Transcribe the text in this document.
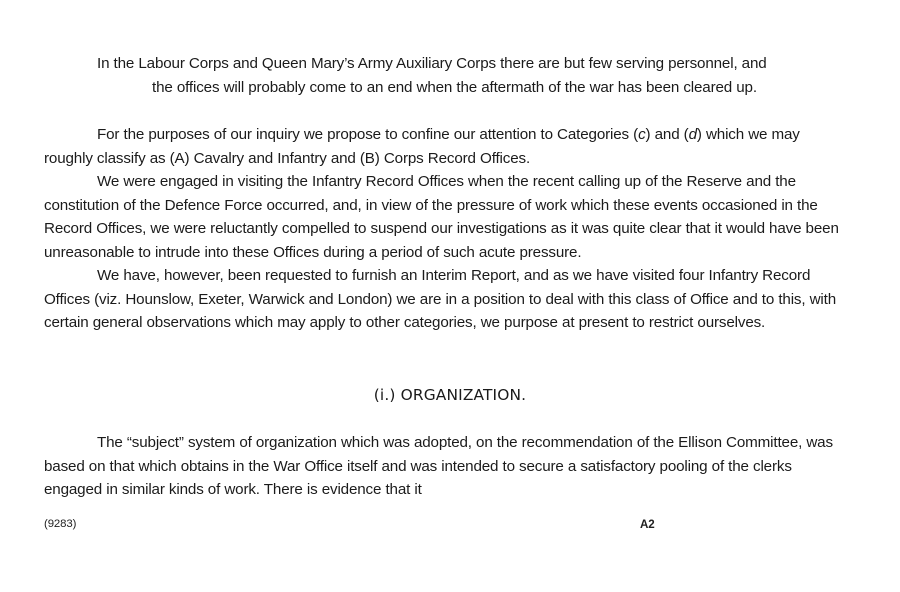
In the Labour Corps and Queen Mary’s Army Auxiliary Corps there are but few serving personnel, and
the offices will probably come to an end when the aftermath of the war has been cleared up.

For the purposes of our inquiry we propose to confine our attention to Categories (c) and (d) which we may roughly classify as (A) Cavalry and Infantry and (B) Corps Record Offices.

We were engaged in visiting the Infantry Record Offices when the recent calling up of the Reserve and the constitution of the Defence Force occurred, and, in view of the pressure of work which these events occasioned in the Record Offices, we were reluctantly compelled to suspend our investigations as it was quite clear that it would have been unreasonable to intrude into these Offices during a period of such acute pressure.

We have, however, been requested to furnish an Interim Report, and as we have visited four Infantry Record Offices (viz. Hounslow, Exeter, Warwick and London) we are in a position to deal with this class of Office and to this, with certain general observations which may apply to other categories, we purpose at present to restrict ourselves.

(i.) ORGANIZATION.

The “subject” system of organization which was adopted, on the recommendation of the Ellison Committee, was based on that which obtains in the War Office itself and was intended to secure a satisfactory pooling of the clerks engaged in similar kinds of work. There is evidence that it

(9283)	A2
